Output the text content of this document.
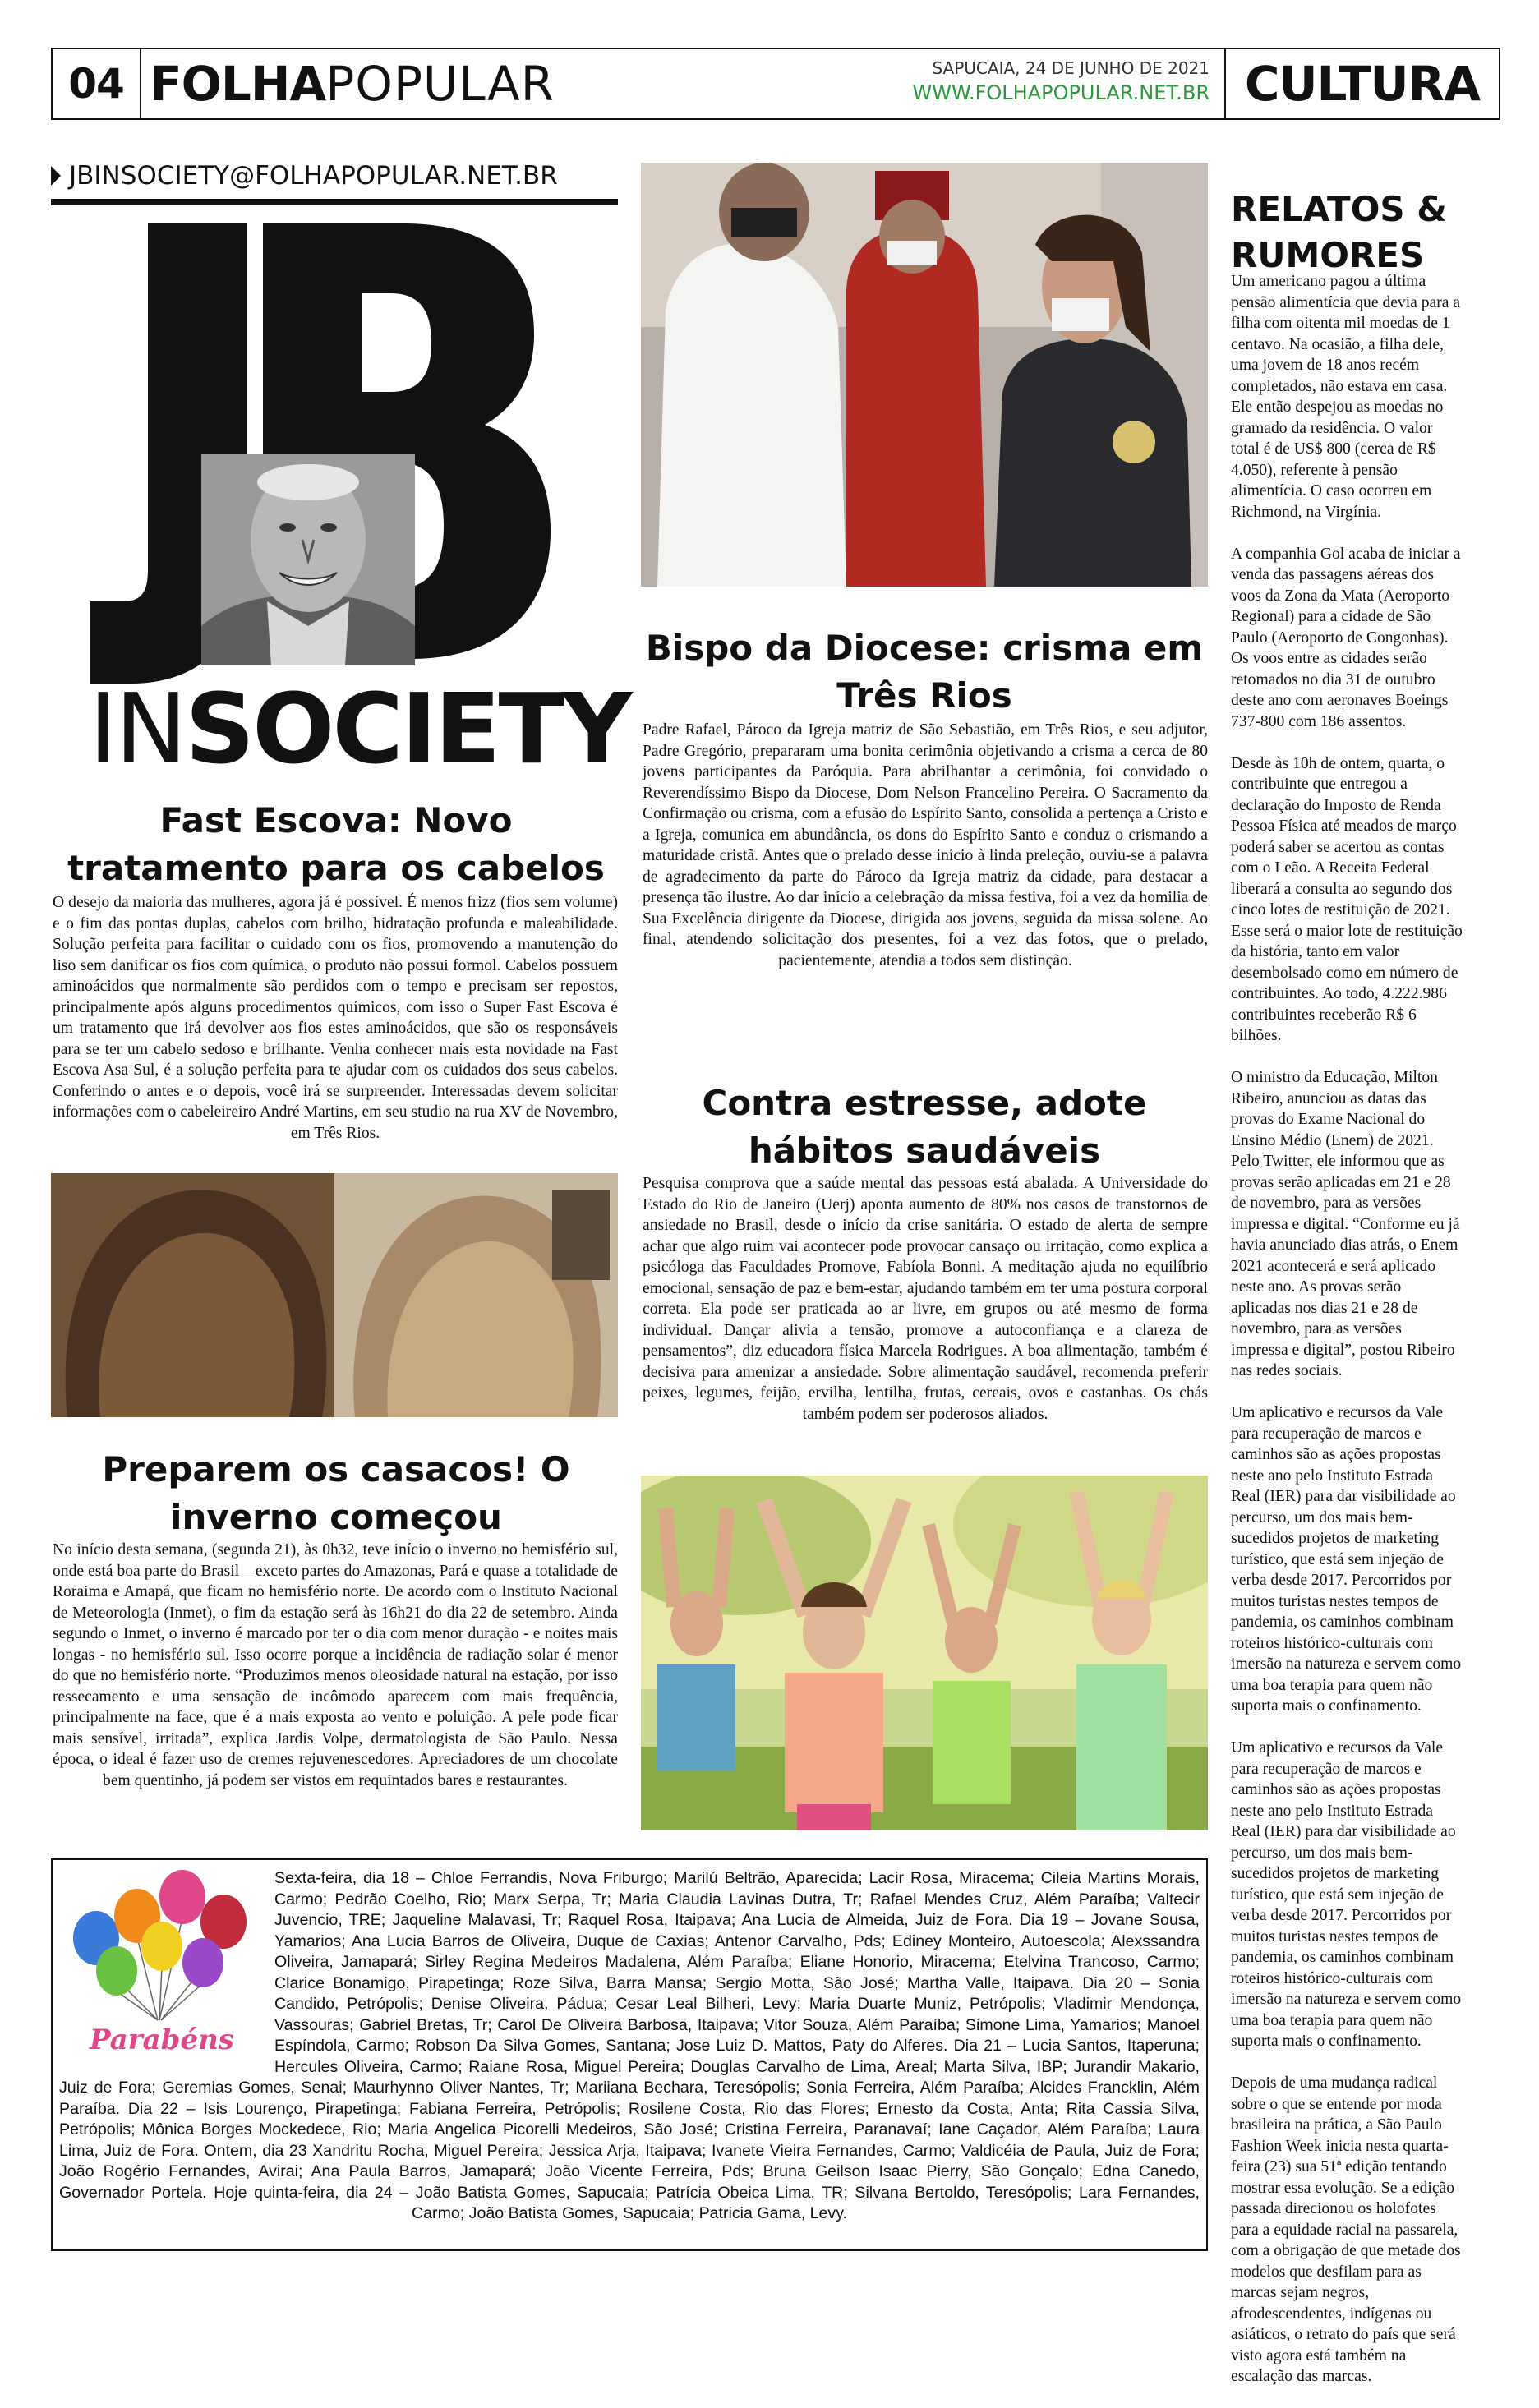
04 FOLHAPOPULAR	SAPUCAIA, 24 DE JUNHO DE 2021
WWW.FOLHAPOPULAR.NET.BR CULTURA
JBINSOCIETY@FOLHAPOPULAR.NET.BR
INSOCIETY
Fast Escova: Novo tratamento para os cabelos

O desejo da maioria das mulheres, agora já é possível. É menos frizz (fios sem volume) e o fim das pontas duplas, cabelos com brilho, hidratação profunda e maleabilidade. Solução perfeita para facilitar o cuidado com os fios, promovendo a manutenção do liso sem danificar os fios com química, o produto não possui formol. Cabelos possuem aminoácidos que normalmente são perdidos com o tempo e precisam ser repostos, principalmente após alguns procedimentos químicos, com isso o Super Fast Escova é um tratamento que irá devolver aos fios estes aminoácidos, que são os responsáveis para se ter um cabelo sedoso e brilhante. Venha conhecer mais esta novidade na Fast Escova Asa Sul, é a solução perfeita para te ajudar com os cuidados dos seus cabelos. Conferindo o antes e o depois, você irá se surpreender. Interessadas devem solicitar informações com o cabeleireiro André Martins, em seu studio na rua XV de Novembro, em Três Rios.

Preparem os casacos! O inverno começou

No início desta semana, (segunda 21), às 0h32, teve início o inverno no hemisfério sul, onde está boa parte do Brasil – exceto partes do Amazonas, Pará e quase a totalidade de Roraima e Amapá, que ficam no hemisfério norte. De acordo com o Instituto Nacional de Meteorologia (Inmet), o fim da estação será às 16h21 do dia 22 de setembro. Ainda segundo o Inmet, o inverno é marcado por ter o dia com menor duração - e noites mais longas - no hemisfério sul. Isso ocorre porque a incidência de radiação solar é menor do que no hemisfério norte. “Produzimos menos oleosidade natural na estação, por isso ressecamento e uma sensação de incômodo aparecem com mais frequência, principalmente na face, que é a mais exposta ao vento e poluição. A pele pode ficar mais sensível, irritada”, explica Jardis Volpe, dermatologista de São Paulo. Nessa época, o ideal é fazer uso de cremes rejuvenescedores. Apreciadores de um chocolate bem quentinho, já podem ser vistos em requintados bares e restaurantes.

Bispo da Diocese: crisma em Três Rios

Padre Rafael, Pároco da Igreja matriz de São Sebastião, em Três Rios, e seu adjutor, Padre Gregório, prepararam uma bonita cerimônia objetivando a crisma a cerca de 80 jovens participantes da Paróquia. Para abrilhantar a cerimônia, foi convidado o Reverendíssimo Bispo da Diocese, Dom Nelson Francelino Pereira. O Sacramento da Confirmação ou crisma, com a efusão do Espírito Santo, consolida a pertença a Cristo e a Igreja, comunica em abundância, os dons do Espírito Santo e conduz o crismando a maturidade cristã. Antes que o prelado desse início à linda preleção, ouviu-se a palavra de agradecimento da parte do Pároco da Igreja matriz da cidade, para destacar a presença tão ilustre. Ao dar início a celebração da missa festiva, foi a vez da homilia de Sua Excelência dirigente da Diocese, dirigida aos jovens, seguida da missa solene. Ao final, atendendo solicitação dos presentes, foi a vez das fotos, que o prelado, pacientemente, atendia a todos sem distinção.

Contra estresse, adote hábitos saudáveis

Pesquisa comprova que a saúde mental das pessoas está abalada. A Universidade do Estado do Rio de Janeiro (Uerj) aponta aumento de 80% nos casos de transtornos de ansiedade no Brasil, desde o início da crise sanitária. O estado de alerta de sempre achar que algo ruim vai acontecer pode provocar cansaço ou irritação, como explica a psicóloga das Faculdades Promove, Fabíola Bonni. A meditação ajuda no equilíbrio emocional, sensação de paz e bem-estar, ajudando também em ter uma postura corporal correta. Ela pode ser praticada ao ar livre, em grupos ou até mesmo de forma individual. Dançar alivia a tensão, promove a autoconfiança e a clareza de pensamentos”, diz educadora física Marcela Rodrigues. A boa alimentação, também é decisiva para amenizar a ansiedade. Sobre alimentação saudável, recomenda preferir peixes, legumes, feijão, ervilha, lentilha, frutas, cereais, ovos e castanhas. Os chás também podem ser poderosos aliados.

RELATOS & RUMORES

Um americano pagou a última pensão alimentícia que devia para a filha com oitenta mil moedas de 1 centavo. Na ocasião, a filha dele, uma jovem de 18 anos recém completados, não estava em casa. Ele então despejou as moedas no gramado da residência. O valor total é de US$ 800 (cerca de R$ 4.050), referente à pensão alimentícia. O caso ocorreu em Richmond, na Virgínia.

A companhia Gol acaba de iniciar a venda das passagens aéreas dos voos da Zona da Mata (Aeroporto Regional) para a cidade de São Paulo (Aeroporto de Congonhas). Os voos entre as cidades serão retomados no dia 31 de outubro deste ano com aeronaves Boeings 737-800 com 186 assentos.

Desde às 10h de ontem, quarta, o contribuinte que entregou a declaração do Imposto de Renda Pessoa Física até meados de março poderá saber se acertou as contas com o Leão. A Receita Federal liberará a consulta ao segundo dos cinco lotes de restituição de 2021. Esse será o maior lote de restituição da história, tanto em valor desembolsado como em número de contribuintes. Ao todo, 4.222.986 contribuintes receberão R$ 6 bilhões.

O ministro da Educação, Milton Ribeiro, anunciou as datas das provas do Exame Nacional do Ensino Médio (Enem) de 2021. Pelo Twitter, ele informou que as provas serão aplicadas em 21 e 28 de novembro, para as versões impressa e digital. “Conforme eu já havia anunciado dias atrás, o Enem 2021 acontecerá e será aplicado neste ano. As provas serão aplicadas nos dias 21 e 28 de novembro, para as versões impressa e digital”, postou Ribeiro nas redes sociais.

Um aplicativo e recursos da Vale para recuperação de marcos e caminhos são as ações propostas neste ano pelo Instituto Estrada Real (IER) para dar visibilidade ao percurso, um dos mais bem-sucedidos projetos de marketing turístico, que está sem injeção de verba desde 2017. Percorridos por muitos turistas nestes tempos de pandemia, os caminhos combinam roteiros histórico-culturais com imersão na natureza e servem como uma boa terapia para quem não suporta mais o confinamento.

Um aplicativo e recursos da Vale para recuperação de marcos e caminhos são as ações propostas neste ano pelo Instituto Estrada Real (IER) para dar visibilidade ao percurso, um dos mais bem-sucedidos projetos de marketing turístico, que está sem injeção de verba desde 2017. Percorridos por muitos turistas nestes tempos de pandemia, os caminhos combinam roteiros histórico-culturais com imersão na natureza e servem como uma boa terapia para quem não suporta mais o confinamento.

Depois de uma mudança radical sobre o que se entende por moda brasileira na prática, a São Paulo Fashion Week inicia nesta quarta-feira (23) sua 51ª edição tentando mostrar essa evolução. Se a edição passada direcionou os holofotes para a equidade racial na passarela, com a obrigação de que metade dos modelos que desfilam para as marcas sejam negros, afrodescendentes, indígenas ou asiáticos, o retrato do país que será visto agora está também na escalação das marcas.

Sexta-feira, dia 18 – Chloe Ferrandis, Nova Friburgo; Marilú Beltrão, Aparecida; Lacir Rosa, Miracema; Cileia Martins Morais, Carmo; Pedrão Coelho, Rio; Marx Serpa, Tr; Maria Claudia Lavinas Dutra, Tr; Rafael Mendes Cruz, Além Paraíba; Valtecir Juvencio, TRE; Jaqueline Malavasi, Tr; Raquel Rosa, Itaipava; Ana Lucia de Almeida, Juiz de Fora. Dia 19 – Jovane Sousa, Yamarios; Ana Lucia Barros de Oliveira, Duque de Caxias; Antenor Carvalho, Pds; Ediney Monteiro, Autoescola; Alexssandra Oliveira, Jamapará; Sirley Regina Medeiros Madalena, Além Paraíba; Eliane Honorio, Miracema; Etelvina Trancoso, Carmo; Clarice Bonamigo, Pirapetinga; Roze Silva, Barra Mansa; Sergio Motta, São José; Martha Valle, Itaipava. Dia 20 – Sonia Candido, Petrópolis; Denise Oliveira, Pádua; Cesar Leal Bilheri, Levy; Maria Duarte Muniz, Petrópolis; Vladimir Mendonça, Vassouras; Gabriel Bretas, Tr; Carol De Oliveira Barbosa, Itaipava; Vitor Souza, Além Paraíba; Simone Lima, Yamarios; Manoel Espíndola, Carmo; Robson Da Silva Gomes, Santana; Jose Luiz D. Mattos, Paty do Alferes. Dia 21 – Lucia Santos, Itaperuna; Hercules Oliveira, Carmo; Raiane Rosa, Miguel Pereira; Douglas Carvalho de Lima, Areal; Marta Silva, IBP; Jurandir Makario, Juiz de Fora; Geremias Gomes, Senai; Maurhynno Oliver Nantes, Tr; Mariiana Bechara, Teresópolis; Sonia Ferreira, Além Paraíba; Alcides Francklin, Além Paraíba. Dia 22 – Isis Lourenço, Pirapetinga; Fabiana Ferreira, Petrópolis; Rosilene Costa, Rio das Flores; Ernesto da Costa, Anta; Rita Cassia Silva, Petrópolis; Mônica Borges Mockedece, Rio; Maria Angelica Picorelli Medeiros, São José; Cristina Ferreira, Paranavaí; Iane Caçador, Além Paraíba; Laura Lima, Juiz de Fora. Ontem, dia 23 Xandritu Rocha, Miguel Pereira; Jessica Arja, Itaipava; Ivanete Vieira Fernandes, Carmo; Valdicéia de Paula, Juiz de Fora; João Rogério Fernandes, Avirai; Ana Paula Barros, Jamapará; João Vicente Ferreira, Pds; Bruna Geilson Isaac Pierry, São Gonçalo; Edna Canedo, Governador Portela. Hoje quinta-feira, dia 24 – João Batista Gomes, Sapucaia; Patrícia Obeica Lima, TR; Silvana Bertoldo, Teresópolis; Lara Fernandes, Carmo; João Batista Gomes, Sapucaia; Patricia Gama, Levy.

Parabéns
